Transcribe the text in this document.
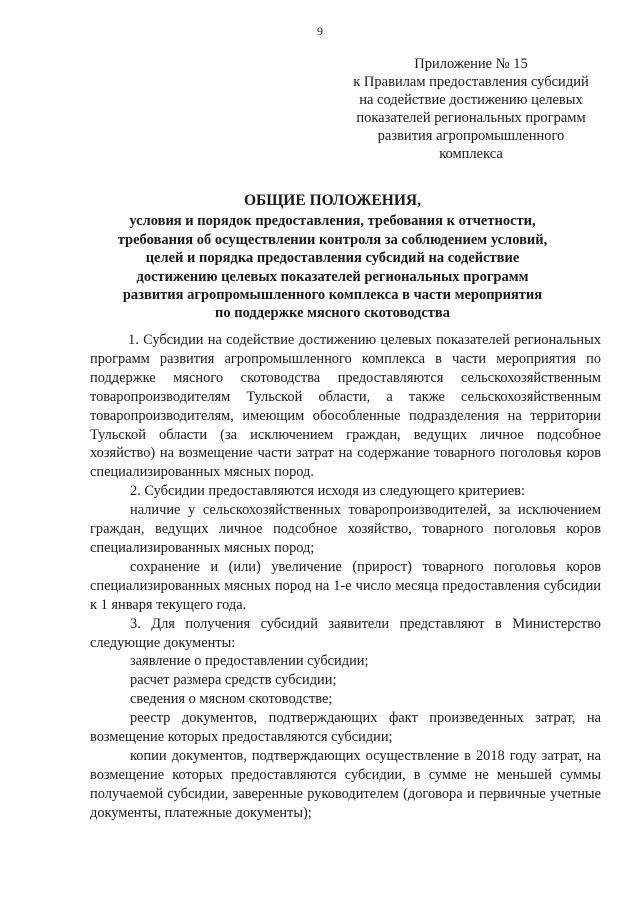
9
Приложение № 15
к Правилам предоставления субсидий
на содействие достижению целевых
показателей региональных программ
развития агропромышленного
комплекса
ОБЩИЕ ПОЛОЖЕНИЯ,
условия и порядок предоставления, требования к отчетности,
требования об осуществлении контроля за соблюдением условий,
целей и порядка предоставления субсидий на содействие
достижению целевых показателей региональных программ
развития агропромышленного комплекса в части мероприятия
по поддержке мясного скотоводства

1. Субсидии на содействие достижению целевых показателей региональных программ развития агропромышленного комплекса в части мероприятия по поддержке мясного скотоводства предоставляются сельскохозяйственным товаропроизводителям Тульской области, а также сельскохозяйственным товаропроизводителям, имеющим обособленные подразделения на территории Тульской области (за исключением граждан, ведущих личное подсобное хозяйство) на возмещение части затрат на содержание товарного поголовья коров специализированных мясных пород.

2. Субсидии предоставляются исходя из следующего критериев:

наличие у сельскохозяйственных товаропроизводителей, за исключением граждан, ведущих личное подсобное хозяйство, товарного поголовья коров специализированных мясных пород;

сохранение и (или) увеличение (прирост) товарного поголовья коров специализированных мясных пород на 1-е число месяца предоставления субсидии к 1 января текущего года.

3. Для получения субсидий заявители представляют в Министерство следующие документы:

заявление о предоставлении субсидии;

расчет размера средств субсидии;

сведения о мясном скотоводстве;

реестр документов, подтверждающих факт произведенных затрат, на возмещение которых предоставляются субсидии;

копии документов, подтверждающих осуществление в 2018 году затрат, на возмещение которых предоставляются субсидии, в сумме не меньшей суммы получаемой субсидии, заверенные руководителем (договора и первичные учетные документы, платежные документы);
